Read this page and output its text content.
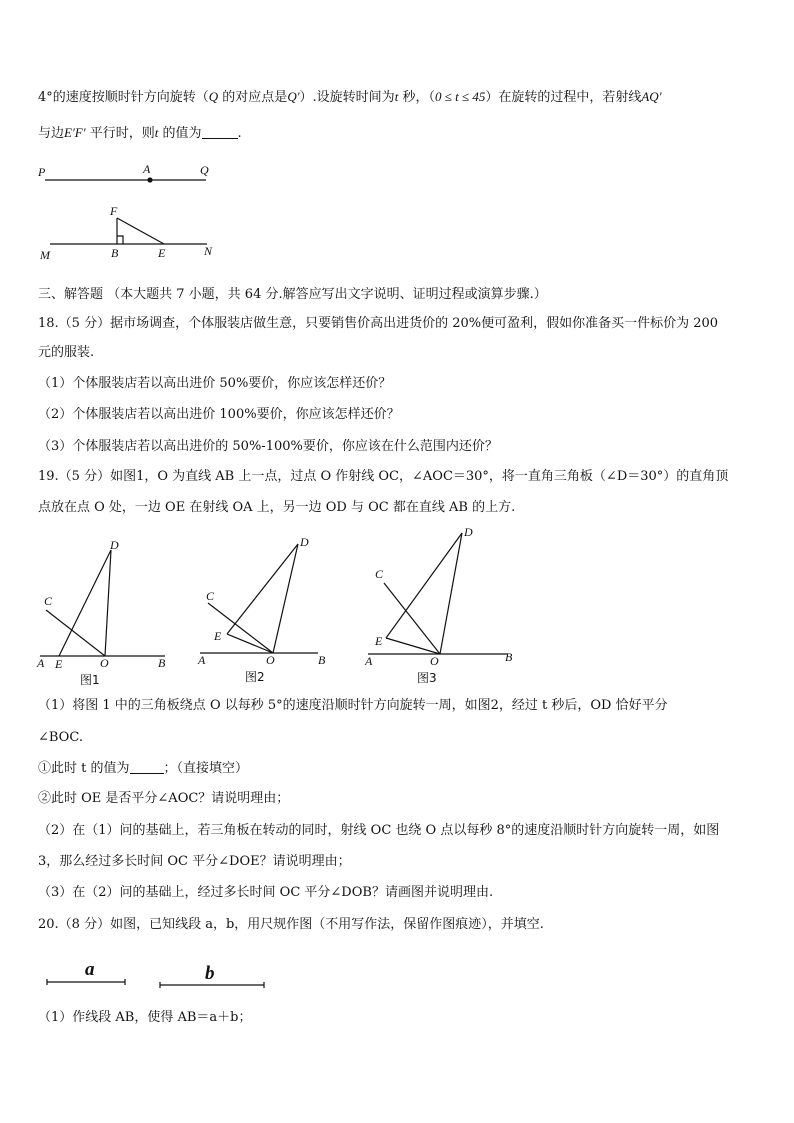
4°的速度按顺时针方向旋转（Q 的对应点是Q′）.设旋转时间为t 秒，（0 ≤ t ≤ 45）在旋转的过程中，若射线AQ′
与边E′F′ 平行时，则t 的值为	.
P	A	Q
F
M	B	E	N
三、解答题 （本大题共 7 小题，共 64 分.解答应写出文字说明、证明过程或演算步骤.）
18.（5 分）据市场调查，个体服装店做生意，只要销售价高出进货价的 20%便可盈利，假如你准备买一件标价为 200
元的服装.
（1）个体服装店若以高出进价 50%要价，你应该怎样还价？
（2）个体服装店若以高出进价 100%要价，你应该怎样还价？
（3）个体服装店若以高出进价的 50%-100%要价，你应该在什么范围内还价？
19.（5 分）如图1，O 为直线 AB 上一点，过点 O 作射线 OC，∠AOC＝30°，将一直角三角板（∠D＝30°）的直角顶
点放在点 O 处，一边 OE 在射线 OA 上，另一边 OD 与 OC 都在直线 AB 的上方.
D
C
A E	O	B
图1
D
C
E
A	O	B
图2
D
C
E
A	O	B
图3
（1）将图 1 中的三角板绕点 O 以每秒 5°的速度沿顺时针方向旋转一周，如图2，经过 t 秒后，OD 恰好平分
∠BOC.
①此时 t 的值为	；（直接填空）
②此时 OE 是否平分∠AOC？请说明理由；
（2）在（1）问的基础上，若三角板在转动的同时，射线 OC 也绕 O 点以每秒 8°的速度沿顺时针方向旋转一周，如图
3，那么经过多长时间 OC 平分∠DOE？请说明理由；
（3）在（2）问的基础上，经过多长时间 OC 平分∠DOB？请画图并说明理由.
20.（8 分）如图，已知线段 a，b，用尺规作图（不用写作法，保留作图痕迹），并填空.
a	b
（1）作线段 AB，使得 AB＝a＋b；
